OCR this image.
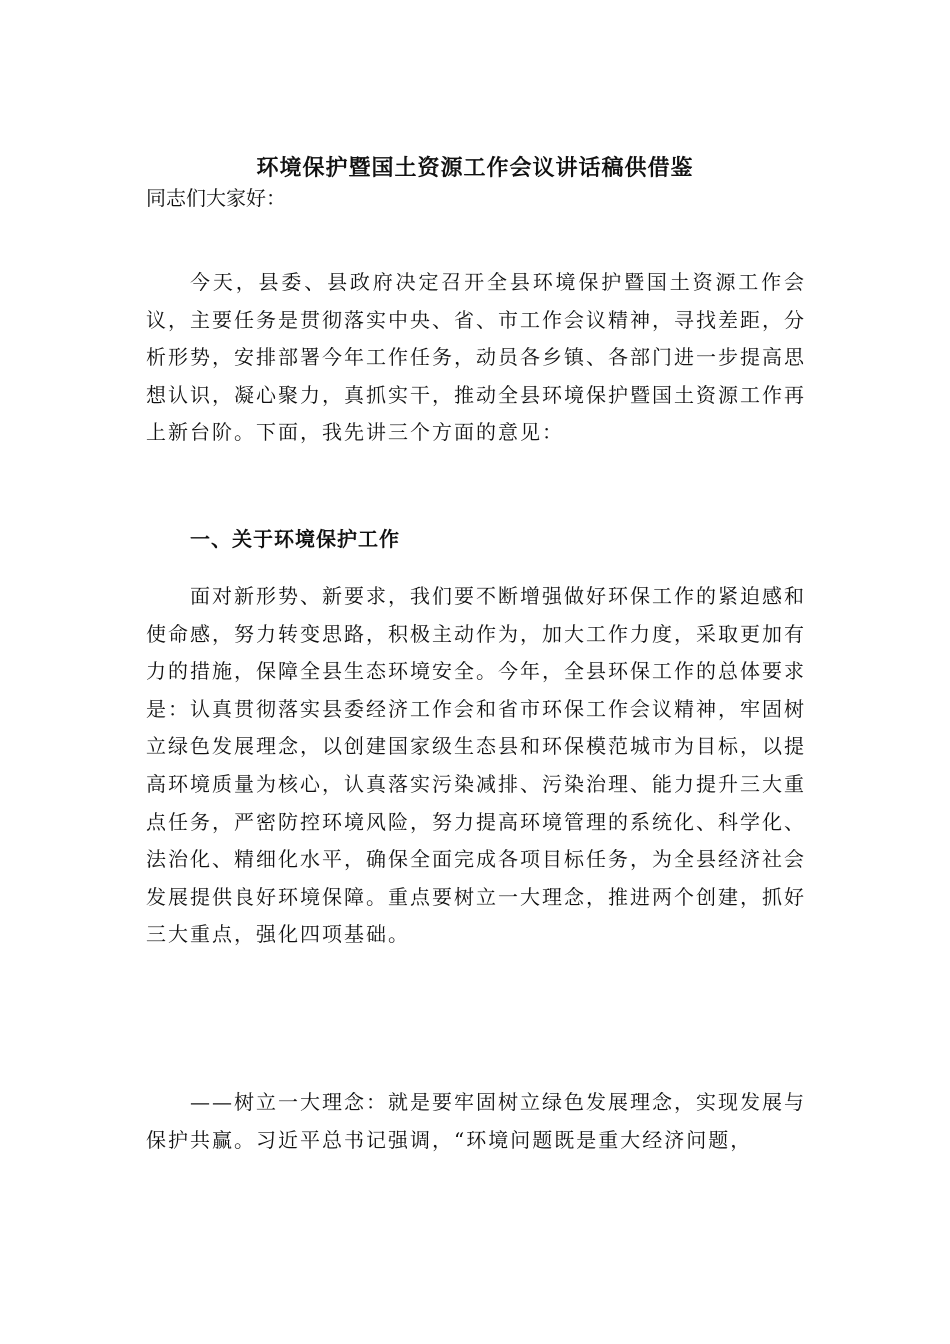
环境保护暨国土资源工作会议讲话稿供借鉴

同志们大家好：

今天，县委、县政府决定召开全县环境保护暨国土资源工作会议，主要任务是贯彻落实中央、省、市工作会议精神，寻找差距，分析形势，安排部署今年工作任务，动员各乡镇、各部门进一步提高思想认识，凝心聚力，真抓实干，推动全县环境保护暨国土资源工作再上新台阶。下面，我先讲三个方面的意见：

一、关于环境保护工作

面对新形势、新要求，我们要不断增强做好环保工作的紧迫感和使命感，努力转变思路，积极主动作为，加大工作力度，采取更加有力的措施，保障全县生态环境安全。今年，全县环保工作的总体要求是：认真贯彻落实县委经济工作会和省市环保工作会议精神，牢固树立绿色发展理念，以创建国家级生态县和环保模范城市为目标，以提高环境质量为核心，认真落实污染减排、污染治理、能力提升三大重点任务，严密防控环境风险，努力提高环境管理的系统化、科学化、法治化、精细化水平，确保全面完成各项目标任务，为全县经济社会发展提供良好环境保障。重点要树立一大理念，推进两个创建，抓好三大重点，强化四项基础。

——树立一大理念：就是要牢固树立绿色发展理念，实现发展与保护共赢。习近平总书记强调，“环境问题既是重大经济问题，
